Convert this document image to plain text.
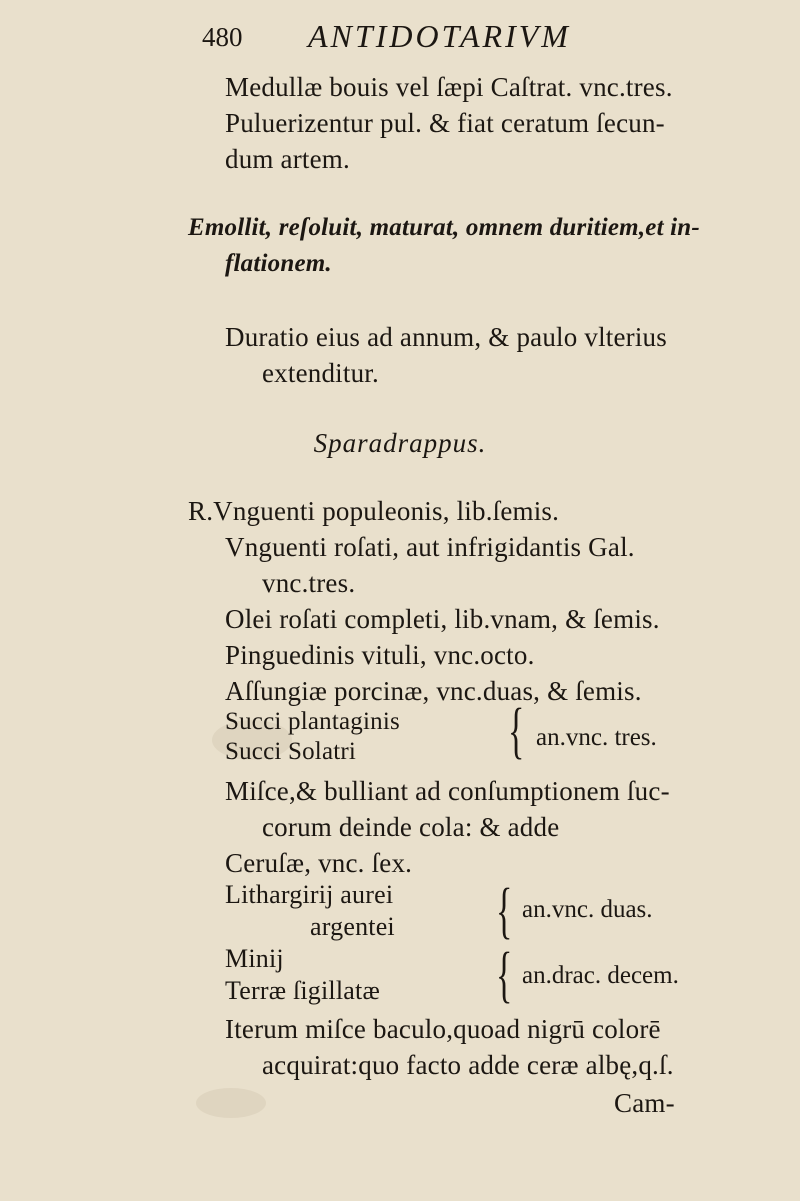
480 ANTIDOTARIVM
Medullæ bouis vel ſæpi Caſtrat. vnc.tres.
Puluerizentur pul. & fiat ceratum ſecun-
dum artem.
Emollit, reſoluit, maturat, omnem duritiem,et in-
flationem.
Duratio eius ad annum, & paulo vlterius
extenditur.
Sparadrappus.
R.Vnguenti populeonis, lib.ſemis.
Vnguenti roſati, aut infrigidantis Gal.
vnc.tres.
Olei roſati completi, lib.vnam, & ſemis.
Pinguedinis vituli, vnc.octo.
Aſſungiæ porcinæ, vnc.duas, & ſemis.
Succi plantaginis
Succi Solatri { an.vnc. tres.
Miſce,& bulliant ad conſumptionem ſuc-
corum deinde cola: & adde
Ceruſæ, vnc. ſex.
Lithargirij aurei
argentei { an.vnc. duas.
Minij
Terræ ſigillatæ { an.drac. decem.
Iterum miſce baculo,quoad nigrū colorē
acquirat:quo facto adde ceræ albę,q.ſ.
Cam-
